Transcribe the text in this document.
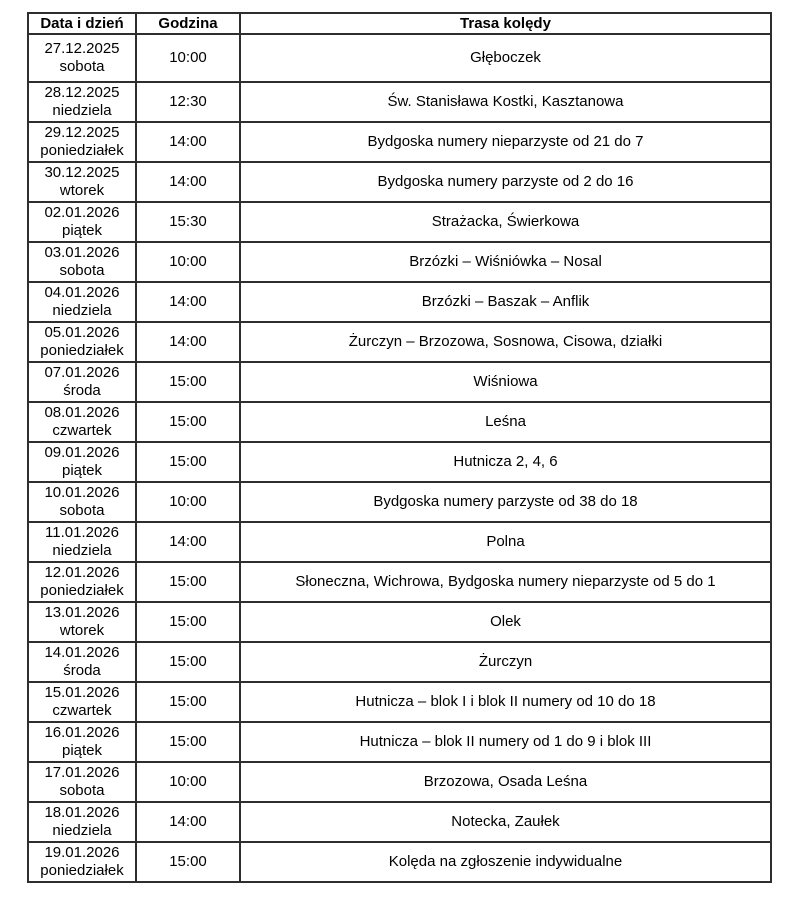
Data i dzień	Godzina	Trasa kolędy

27.12.2025
sobota	10:00	Głęboczek

28.12.2025
niedziela	12:30	Św. Stanisława Kostki, Kasztanowa

29.12.2025
poniedziałek	14:00	Bydgoska numery nieparzyste od 21 do 7

30.12.2025
wtorek	14:00	Bydgoska numery parzyste od 2 do 16

02.01.2026
piątek	15:30	Strażacka, Świerkowa

03.01.2026
sobota	10:00	Brzózki – Wiśniówka – Nosal

04.01.2026
niedziela	14:00	Brzózki – Baszak – Anflik

05.01.2026
poniedziałek	14:00	Żurczyn – Brzozowa, Sosnowa, Cisowa, działki

07.01.2026
środa	15:00	Wiśniowa

08.01.2026
czwartek	15:00	Leśna

09.01.2026
piątek	15:00	Hutnicza 2, 4, 6

10.01.2026
sobota	10:00	Bydgoska numery parzyste od 38 do 18

11.01.2026
niedziela	14:00	Polna

12.01.2026
poniedziałek	15:00	Słoneczna, Wichrowa, Bydgoska numery nieparzyste od 5 do 1

13.01.2026
wtorek	15:00	Olek

14.01.2026
środa	15:00	Żurczyn

15.01.2026
czwartek	15:00	Hutnicza – blok I i blok II numery od 10 do 18

16.01.2026
piątek	15:00	Hutnicza – blok II numery od 1 do 9 i blok III

17.01.2026
sobota	10:00	Brzozowa, Osada Leśna

18.01.2026
niedziela	14:00	Notecka, Zaułek

19.01.2026
poniedziałek	15:00	Kolęda na zgłoszenie indywidualne
